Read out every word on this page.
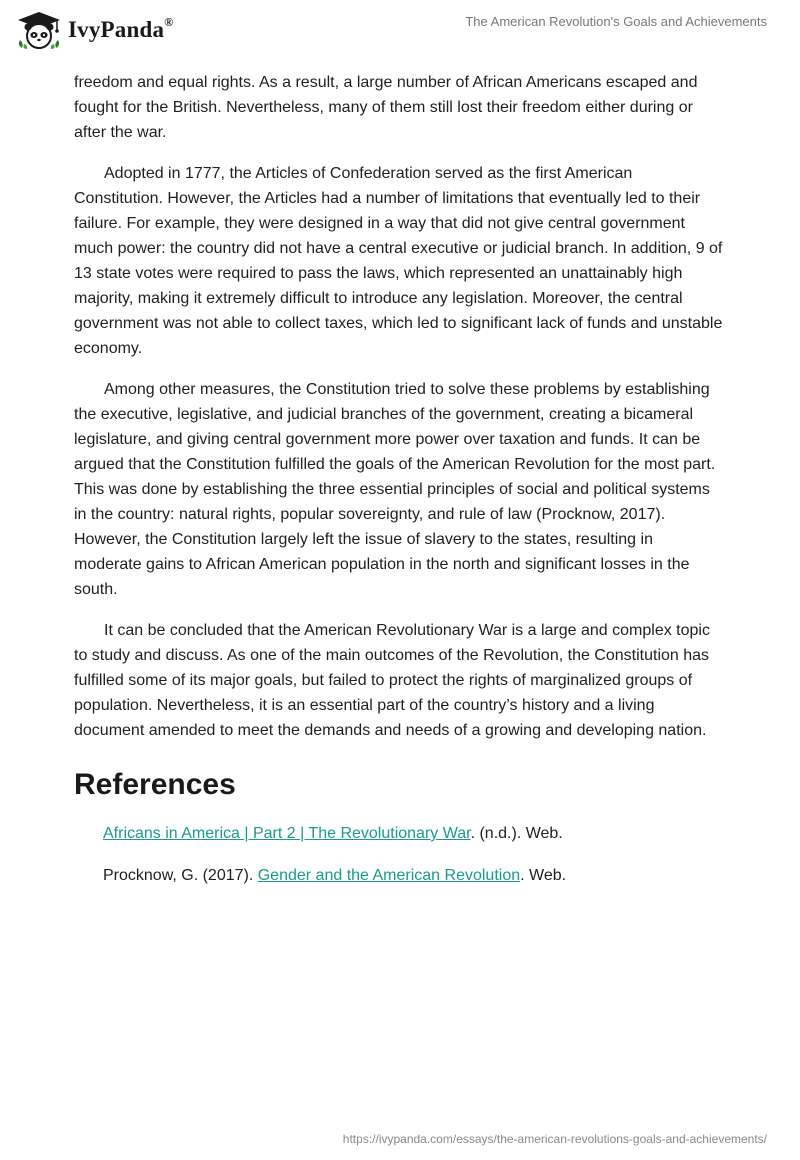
IvyPanda®	The American Revolution's Goals and Achievements

freedom and equal rights. As a result, a large number of African Americans escaped and fought for the British. Nevertheless, many of them still lost their freedom either during or after the war.

Adopted in 1777, the Articles of Confederation served as the first American Constitution. However, the Articles had a number of limitations that eventually led to their failure. For example, they were designed in a way that did not give central government much power: the country did not have a central executive or judicial branch. In addition, 9 of 13 state votes were required to pass the laws, which represented an unattainably high majority, making it extremely difficult to introduce any legislation. Moreover, the central government was not able to collect taxes, which led to significant lack of funds and unstable economy.

Among other measures, the Constitution tried to solve these problems by establishing the executive, legislative, and judicial branches of the government, creating a bicameral legislature, and giving central government more power over taxation and funds. It can be argued that the Constitution fulfilled the goals of the American Revolution for the most part. This was done by establishing the three essential principles of social and political systems in the country: natural rights, popular sovereignty, and rule of law (Procknow, 2017). However, the Constitution largely left the issue of slavery to the states, resulting in moderate gains to African American population in the north and significant losses in the south.

It can be concluded that the American Revolutionary War is a large and complex topic to study and discuss. As one of the main outcomes of the Revolution, the Constitution has fulfilled some of its major goals, but failed to protect the rights of marginalized groups of population. Nevertheless, it is an essential part of the country’s history and a living document amended to meet the demands and needs of a growing and developing nation.

References
Africans in America | Part 2 | The Revolutionary War. (n.d.). Web.
Procknow, G. (2017). Gender and the American Revolution. Web.
https://ivypanda.com/essays/the-american-revolutions-goals-and-achievements/
